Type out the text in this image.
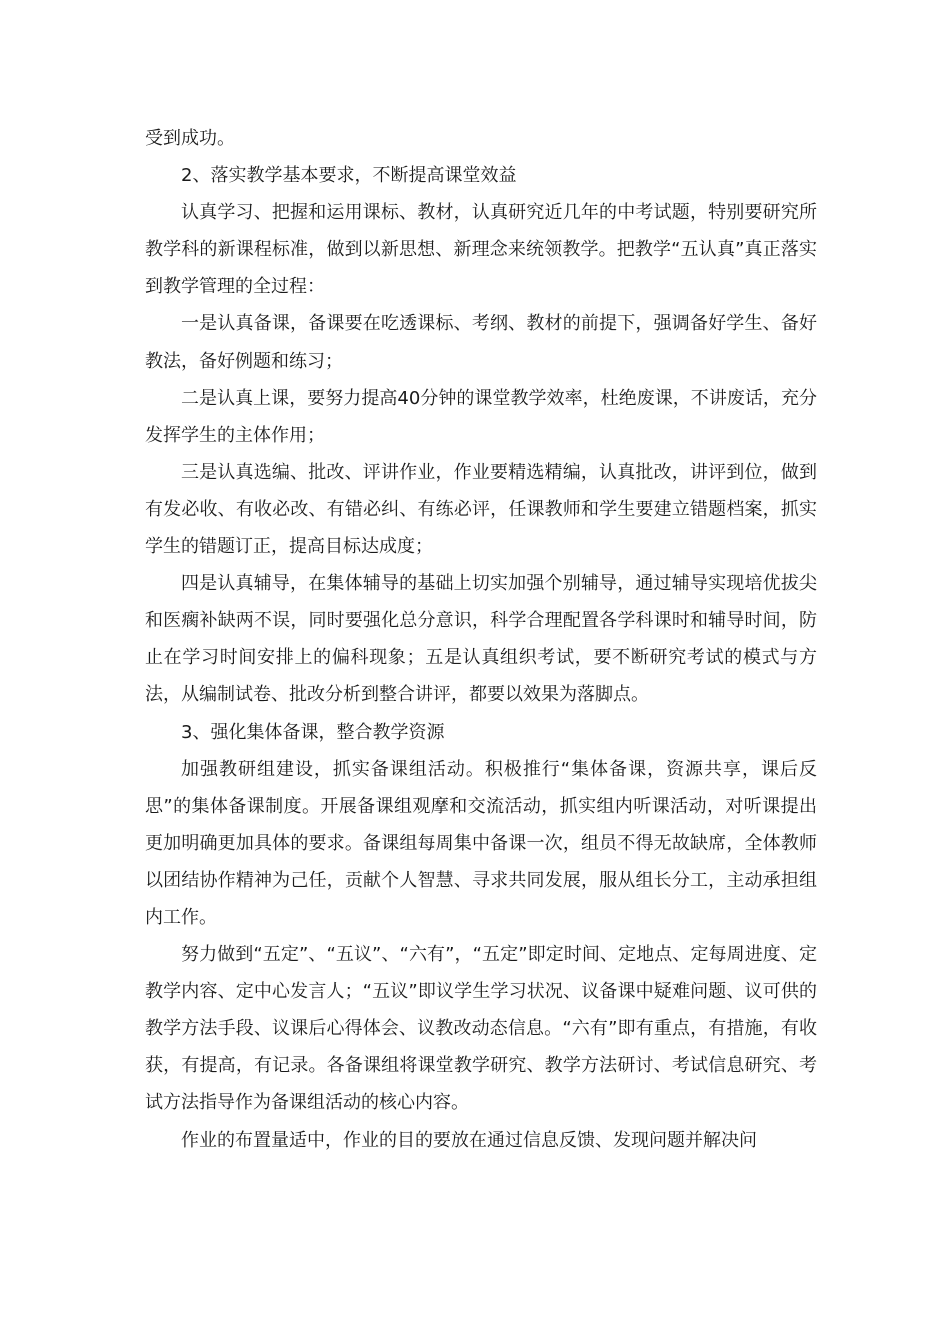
受到成功。

2、落实教学基本要求，不断提高课堂效益

认真学习、把握和运用课标、教材，认真研究近几年的中考试题，特别要研究所教学科的新课程标准，做到以新思想、新理念来统领教学。把教学“五认真”真正落实到教学管理的全过程：

一是认真备课，备课要在吃透课标、考纲、教材的前提下，强调备好学生、备好教法，备好例题和练习；

二是认真上课，要努力提高40分钟的课堂教学效率，杜绝废课，不讲废话，充分发挥学生的主体作用；

三是认真选编、批改、评讲作业，作业要精选精编，认真批改，讲评到位，做到有发必收、有收必改、有错必纠、有练必评，任课教师和学生要建立错题档案，抓实学生的错题订正，提高目标达成度；

四是认真辅导，在集体辅导的基础上切实加强个别辅导，通过辅导实现培优拔尖和医瘸补缺两不误，同时要强化总分意识，科学合理配置各学科课时和辅导时间，防止在学习时间安排上的偏科现象；五是认真组织考试，要不断研究考试的模式与方法，从编制试卷、批改分析到整合讲评，都要以效果为落脚点。

3、强化集体备课，整合教学资源

加强教研组建设，抓实备课组活动。积极推行“集体备课，资源共享，课后反思”的集体备课制度。开展备课组观摩和交流活动，抓实组内听课活动，对听课提出更加明确更加具体的要求。备课组每周集中备课一次，组员不得无故缺席，全体教师以团结协作精神为己任，贡献个人智慧、寻求共同发展，服从组长分工，主动承担组内工作。

努力做到“五定”、“五议”、“六有”，“五定”即定时间、定地点、定每周进度、定教学内容、定中心发言人；“五议”即议学生学习状况、议备课中疑难问题、议可供的教学方法手段、议课后心得体会、议教改动态信息。“六有”即有重点，有措施，有收获，有提高，有记录。各备课组将课堂教学研究、教学方法研讨、考试信息研究、考试方法指导作为备课组活动的核心内容。

作业的布置量适中，作业的目的要放在通过信息反馈、发现问题并解决问
